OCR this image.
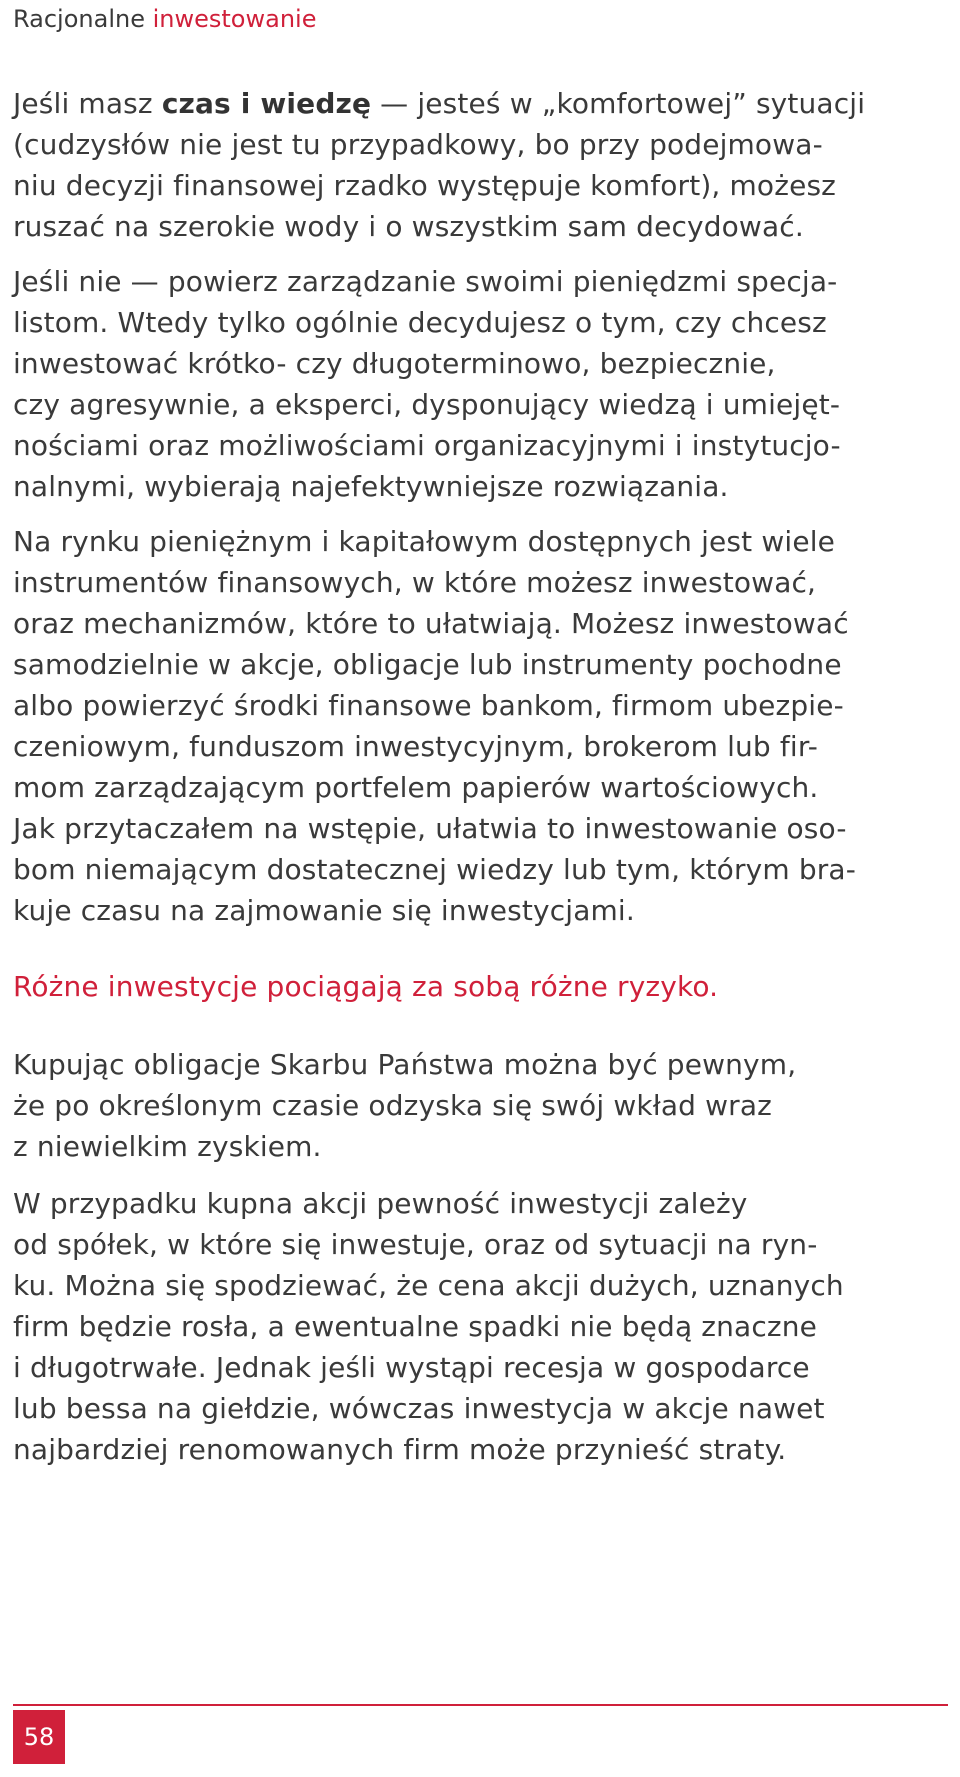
Racjonalne inwestowanie
Jeśli masz czas i wiedzę — jesteś w „komfortowej” sytuacji
(cudzysłów nie jest tu przypadkowy, bo przy podejmowa-
niu decyzji finansowej rzadko występuje komfort), możesz
ruszać na szerokie wody i o wszystkim sam decydować.
Jeśli nie — powierz zarządzanie swoimi pieniędzmi specja-
listom. Wtedy tylko ogólnie decydujesz o tym, czy chcesz
inwestować krótko- czy długoterminowo, bezpiecznie,
czy agresywnie, a eksperci, dysponujący wiedzą i umiejęt-
nościami oraz możliwościami organizacyjnymi i instytucjo-
nalnymi, wybierają najefektywniejsze rozwiązania.
Na rynku pieniężnym i kapitałowym dostępnych jest wiele
instrumentów finansowych, w które możesz inwestować,
oraz mechanizmów, które to ułatwiają. Możesz inwestować
samodzielnie w akcje, obligacje lub instrumenty pochodne
albo powierzyć środki finansowe bankom, firmom ubezpie-
czeniowym, funduszom inwestycyjnym, brokerom lub fir-
mom zarządzającym portfelem papierów wartościowych.
Jak przytaczałem na wstępie, ułatwia to inwestowanie oso-
bom niemającym dostatecznej wiedzy lub tym, którym bra-
kuje czasu na zajmowanie się inwestycjami.
Różne inwestycje pociągają za sobą różne ryzyko.
Kupując obligacje Skarbu Państwa można być pewnym,
że po określonym czasie odzyska się swój wkład wraz
z niewielkim zyskiem.
W przypadku kupna akcji pewność inwestycji zależy
od spółek, w które się inwestuje, oraz od sytuacji na ryn-
ku. Można się spodziewać, że cena akcji dużych, uznanych
firm będzie rosła, a ewentualne spadki nie będą znaczne
i długotrwałe. Jednak jeśli wystąpi recesja w gospodarce
lub bessa na giełdzie, wówczas inwestycja w akcje nawet
najbardziej renomowanych firm może przynieść straty.
58
